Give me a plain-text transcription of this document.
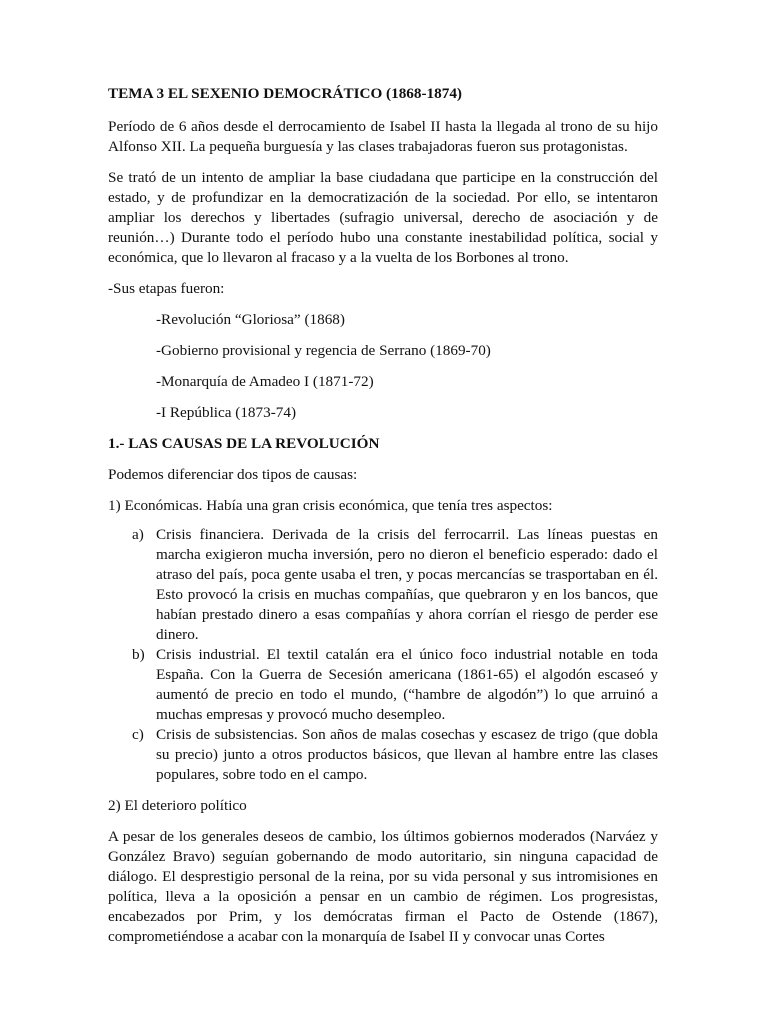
TEMA 3 EL SEXENIO DEMOCRÁTICO (1868-1874)

Período de 6 años desde el derrocamiento de Isabel II hasta la llegada al trono de su hijo Alfonso XII. La pequeña burguesía y las clases trabajadoras fueron sus protagonistas.

Se trató de un intento de ampliar la base ciudadana que participe en la construcción del estado, y de profundizar en la democratización de la sociedad. Por ello, se intentaron ampliar los derechos y libertades (sufragio universal, derecho de asociación y de reunión…) Durante todo el período hubo una constante inestabilidad política, social y económica, que lo llevaron al fracaso y a la vuelta de los Borbones al trono.

-Sus etapas fueron:

-Revolución “Gloriosa” (1868)
-Gobierno provisional y regencia de Serrano (1869-70)
-Monarquía de Amadeo I (1871-72)
-I República (1873-74)
1.- LAS CAUSAS DE LA REVOLUCIÓN

Podemos diferenciar dos tipos de causas:

1) Económicas. Había una gran crisis económica, que tenía tres aspectos:

a) Crisis financiera. Derivada de la crisis del ferrocarril. Las líneas puestas en marcha exigieron mucha inversión, pero no dieron el beneficio esperado: dado el atraso del país, poca gente usaba el tren, y pocas mercancías se trasportaban en él. Esto provocó la crisis en muchas compañías, que quebraron y en los bancos, que habían prestado dinero a esas compañías y ahora corrían el riesgo de perder ese dinero.
b) Crisis industrial. El textil catalán era el único foco industrial notable en toda España. Con la Guerra de Secesión americana (1861-65) el algodón escaseó y aumentó de precio en todo el mundo, (“hambre de algodón”) lo que arruinó a muchas empresas y provocó mucho desempleo.
c) Crisis de subsistencias. Son años de malas cosechas y escasez de trigo (que dobla su precio) junto a otros productos básicos, que llevan al hambre entre las clases populares, sobre todo en el campo.

2) El deterioro político

A pesar de los generales deseos de cambio, los últimos gobiernos moderados (Narváez y González Bravo) seguían gobernando de modo autoritario, sin ninguna capacidad de diálogo. El desprestigio personal de la reina, por su vida personal y sus intromisiones en política, lleva a la oposición a pensar en un cambio de régimen. Los progresistas, encabezados por Prim, y los demócratas firman el Pacto de Ostende (1867), comprometiéndose a acabar con la monarquía de Isabel II y convocar unas Cortes
